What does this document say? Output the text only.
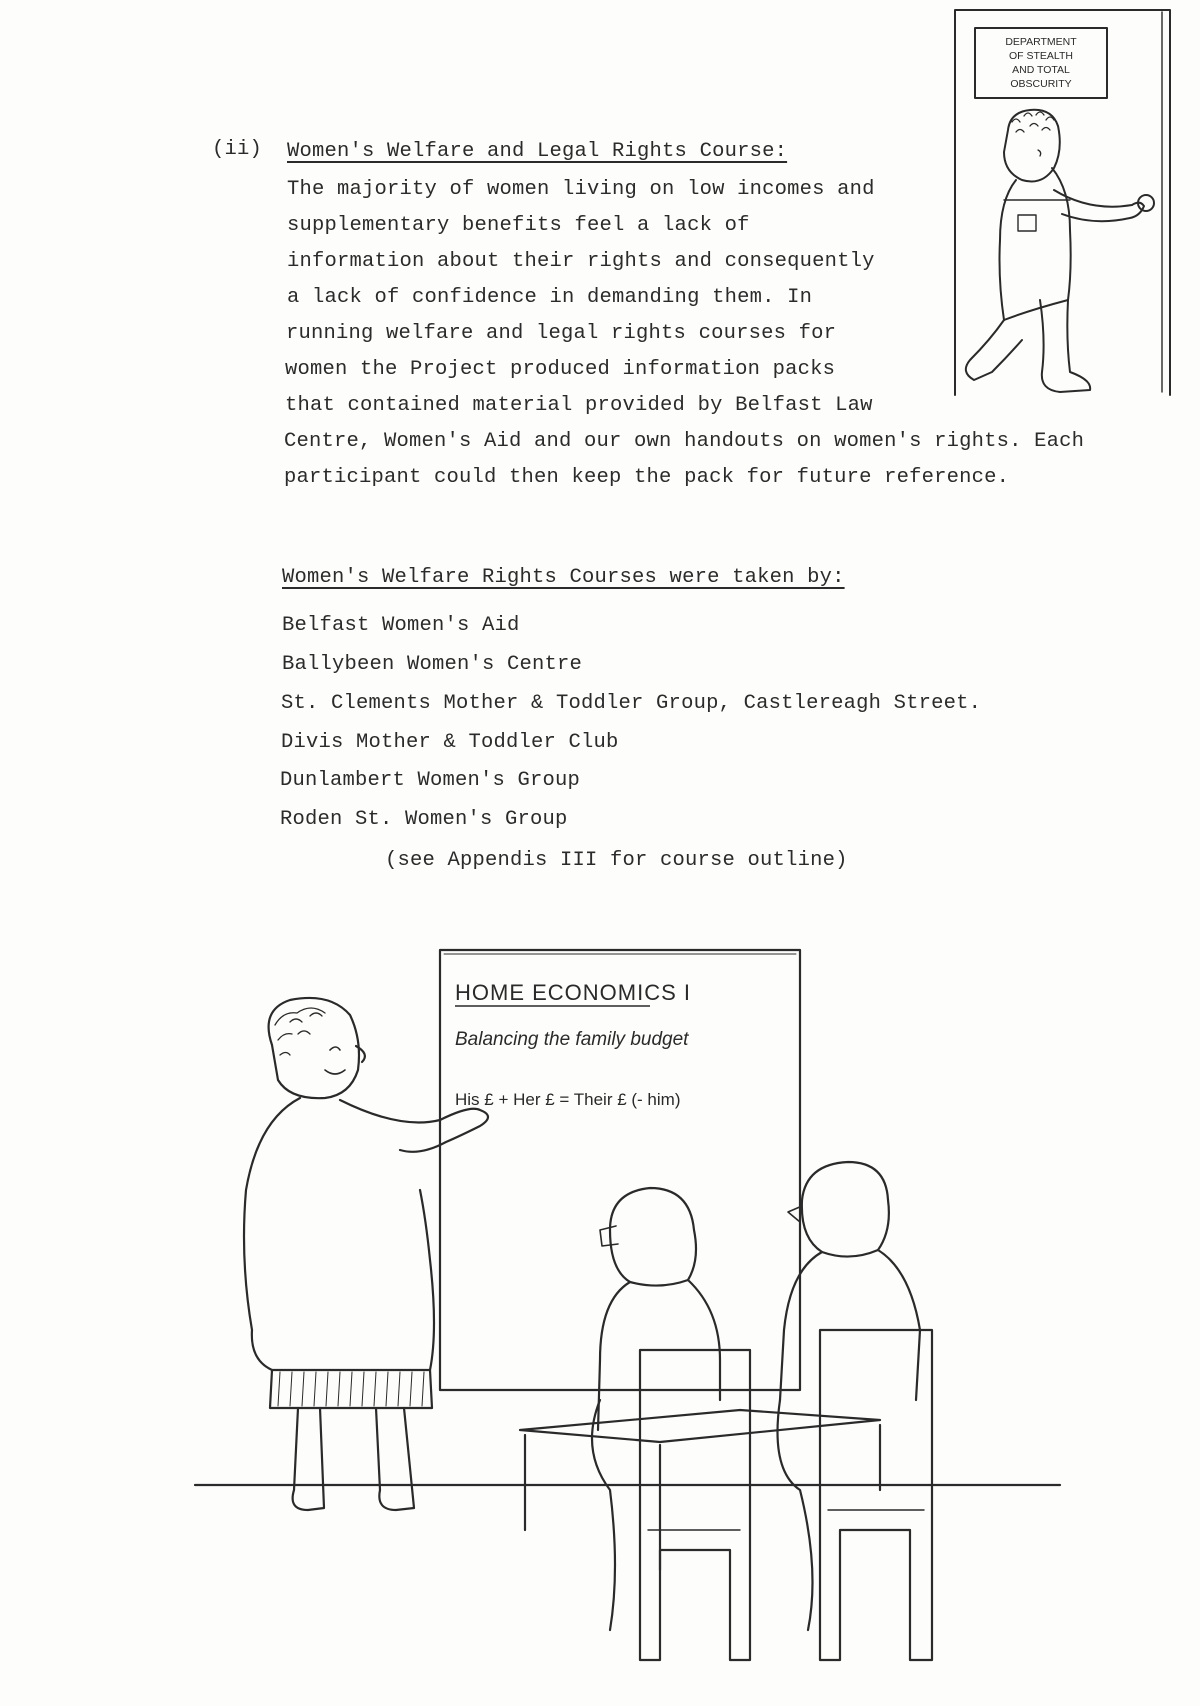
(ii) Women's Welfare and Legal Rights Course:
The majority of women living on low incomes and
supplementary benefits feel a lack of
information about their rights and consequently
a lack of confidence in demanding them. In
running welfare and legal rights courses for
women the Project produced information packs
that contained material provided by Belfast Law
Centre, Women's Aid and our own handouts on women's rights. Each
participant could then keep the pack for future reference.
Women's Welfare Rights Courses were taken by:
Belfast Women's Aid
Ballybeen Women's Centre
St. Clements Mother & Toddler Group, Castlereagh Street.
Divis Mother & Toddler Club
Dunlambert Women's Group
Roden St. Women's Group
(see Appendis III for course outline)
DEPARTMENT
OF STEALTH
AND TOTAL
OBSCURITY
HOME ECONOMICS I
Balancing the family budget
His £ + Her £ = Their £ (- him)
